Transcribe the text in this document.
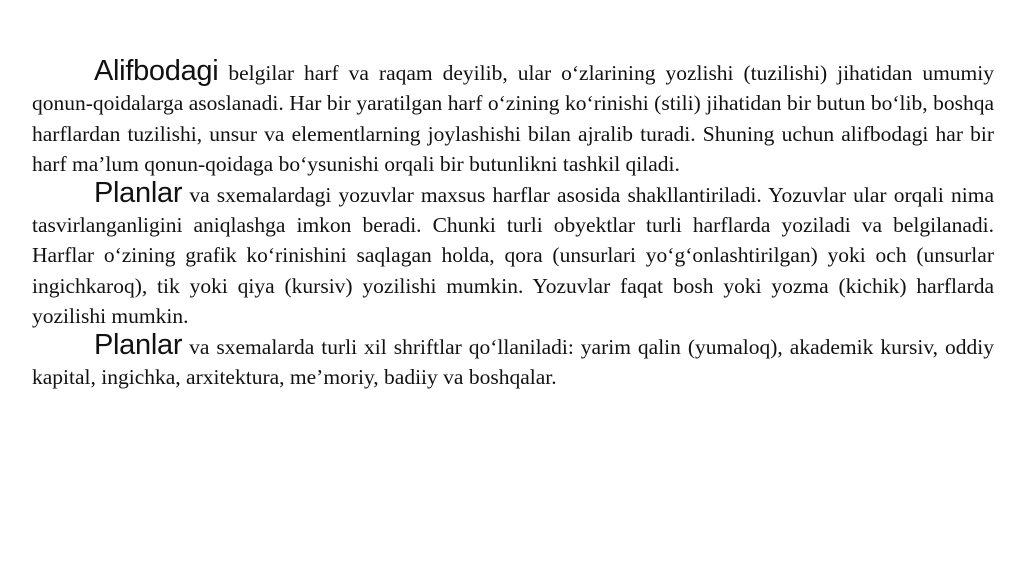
Alifbodagi belgilar harf va raqam deyilib, ular o‘zlarining yozlishi (tuzilishi) jihatidan umumiy qonun-qoidalarga asoslanadi. Har bir yaratilgan harf o‘zining ko‘rinishi (stili) jihatidan bir butun bo‘lib, boshqa harflardan tuzilishi, unsur va elementlarning joylashishi bilan ajralib turadi. Shuning uchun alifbodagi har bir harf ma’lum qonun-qoidaga bo‘ysunishi orqali bir butunlikni tashkil qiladi.

Planlar va sxemalardagi yozuvlar maxsus harflar asosida shakllantiriladi. Yozuvlar ular orqali nima tasvirlanganligini aniqlashga imkon beradi. Chunki turli obyektlar turli harflarda yoziladi va belgilanadi. Harflar o‘zining grafik ko‘rinishini saqlagan holda, qora (unsurlari yo‘g‘onlashtirilgan) yoki och (unsurlar ingichkaroq), tik yoki qiya (kursiv) yozilishi mumkin. Yozuvlar faqat bosh yoki yozma (kichik) harflarda yozilishi mumkin.

Planlar va sxemalarda turli xil shriftlar qo‘llaniladi: yarim qalin (yumaloq), akademik kursiv, oddiy kapital, ingichka, arxitektura, me’moriy, badiiy va boshqalar.
